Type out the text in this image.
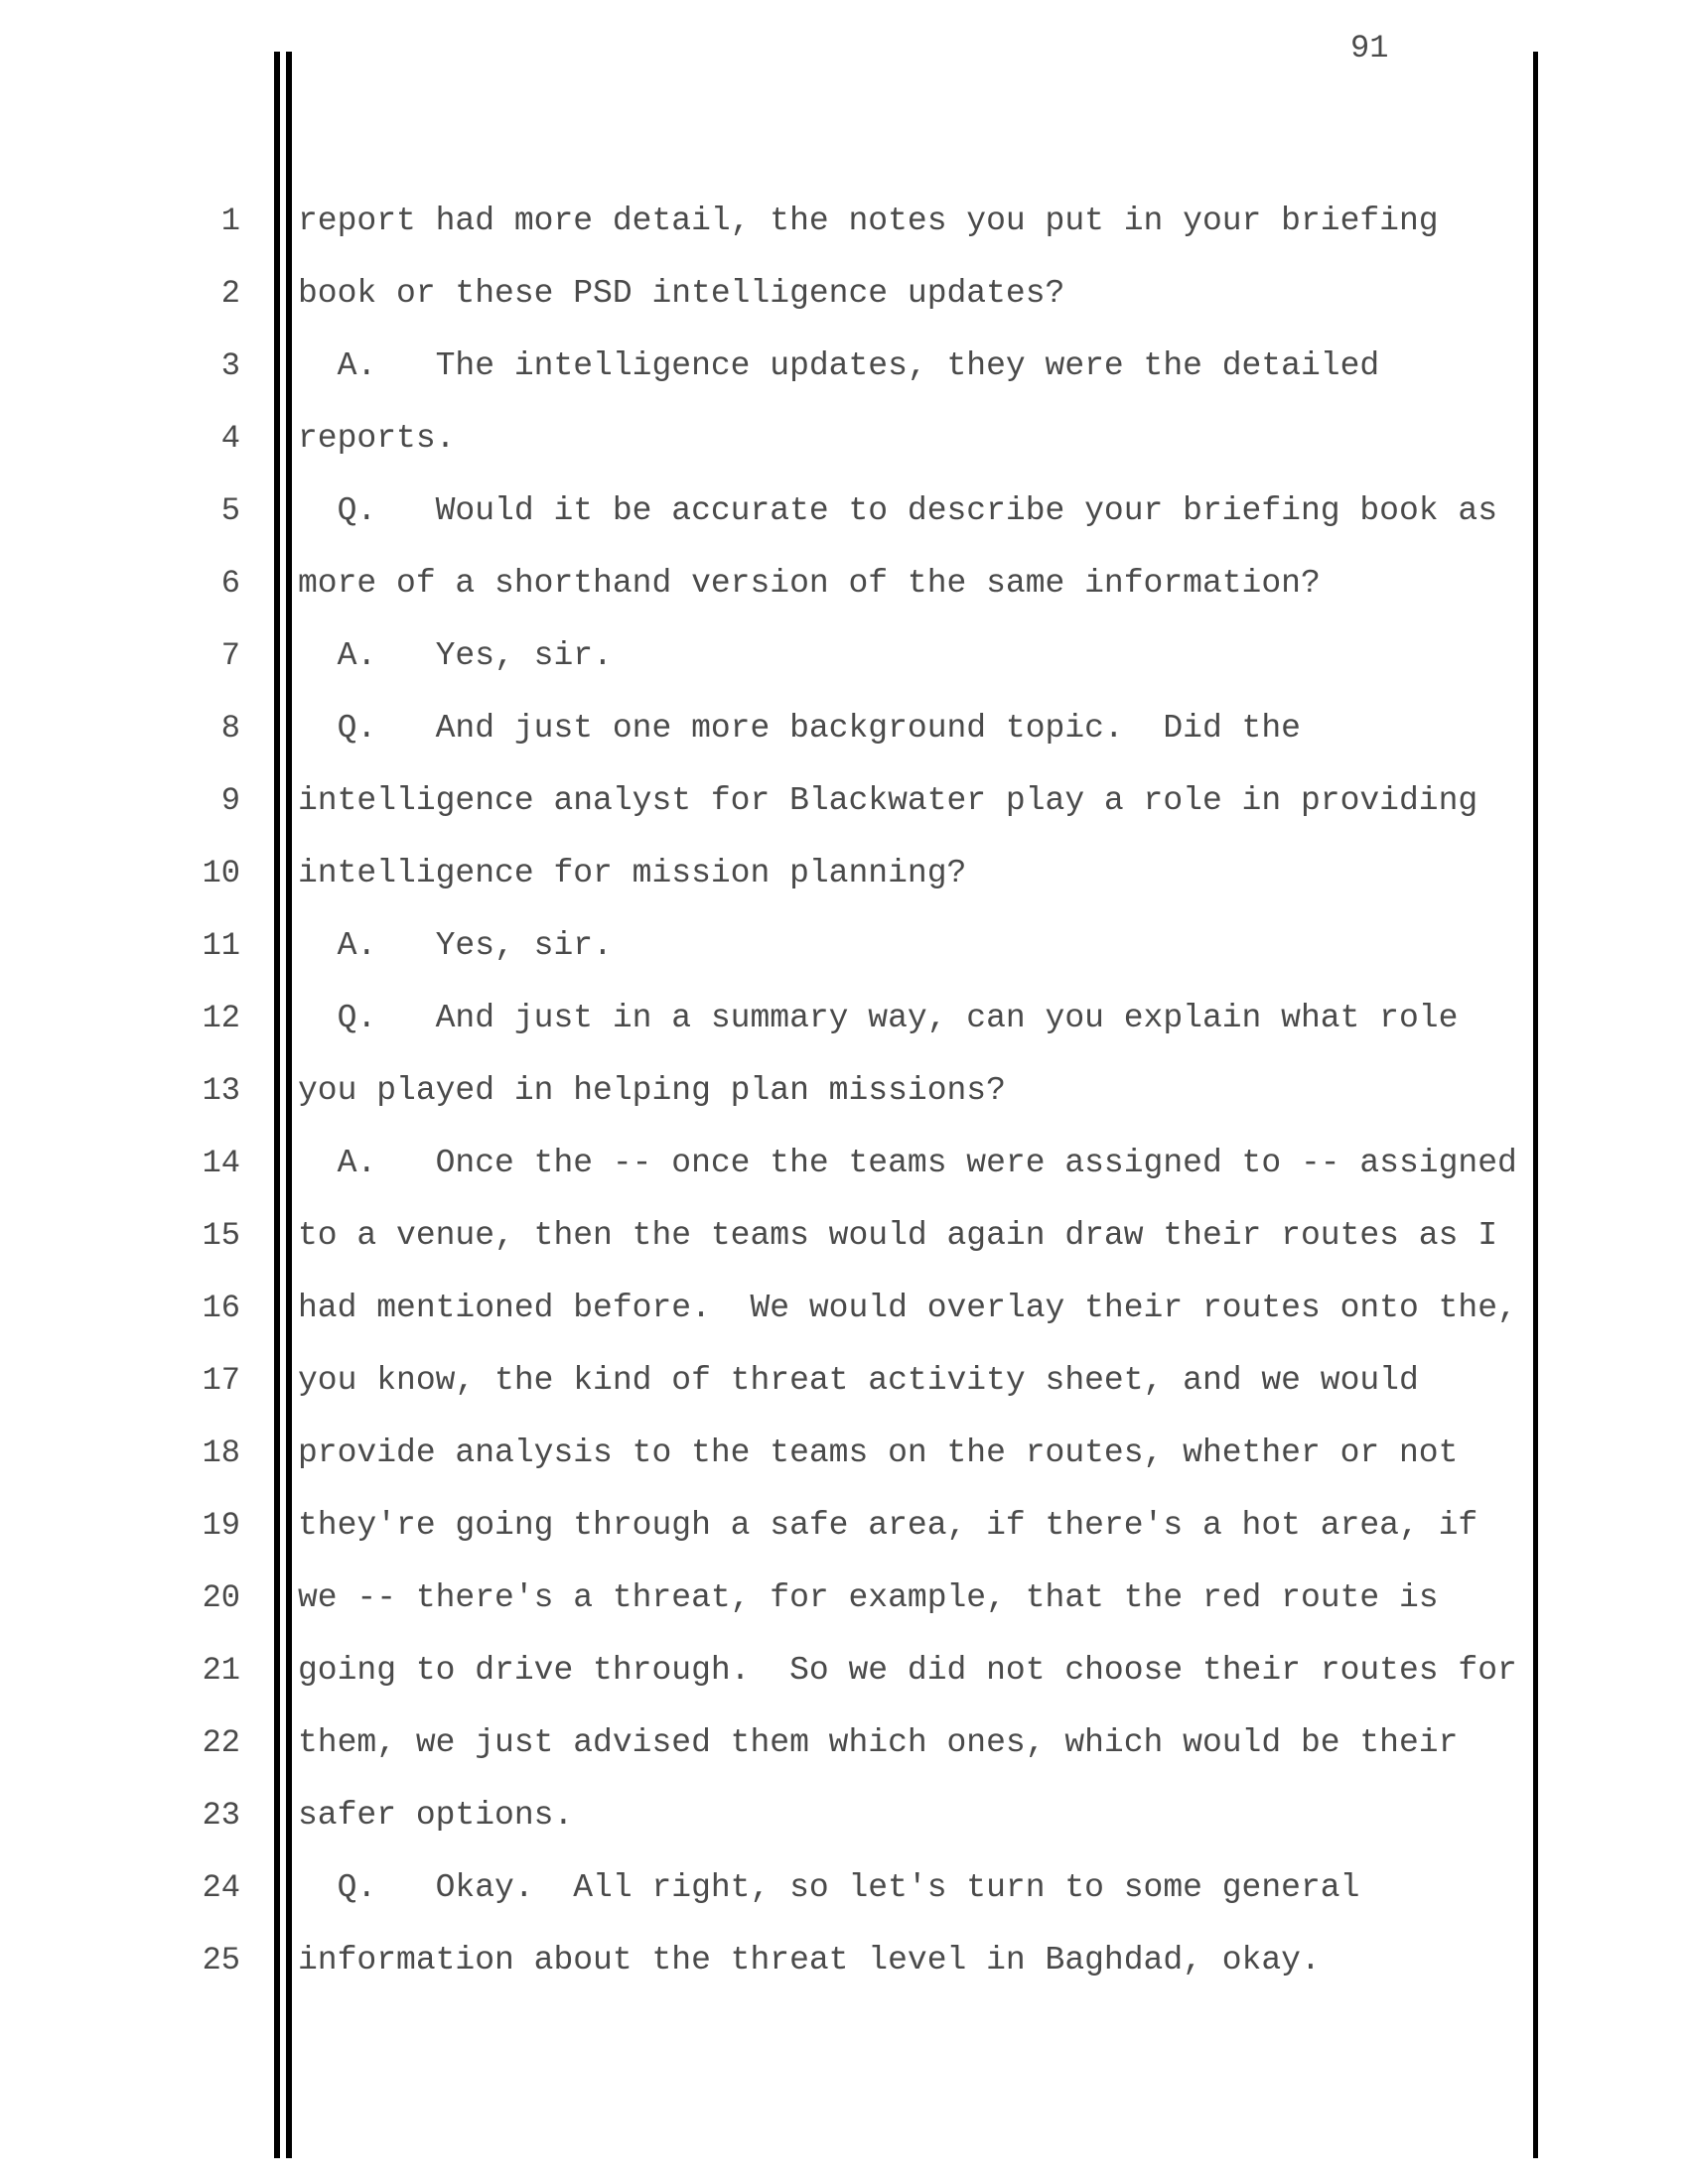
91
1 report had more detail, the notes you put in your briefing
2 book or these PSD intelligence updates?
3 A.   The intelligence updates, they were the detailed
4 reports.
5 Q.   Would it be accurate to describe your briefing book as
6 more of a shorthand version of the same information?
7 A.   Yes, sir.
8 Q.   And just one more background topic.  Did the
9 intelligence analyst for Blackwater play a role in providing
10 intelligence for mission planning?
11 A.   Yes, sir.
12 Q.   And just in a summary way, can you explain what role
13 you played in helping plan missions?
14 A.   Once the -- once the teams were assigned to -- assigned
15 to a venue, then the teams would again draw their routes as I
16 had mentioned before.  We would overlay their routes onto the,
17 you know, the kind of threat activity sheet, and we would
18 provide analysis to the teams on the routes, whether or not
19 they're going through a safe area, if there's a hot area, if
20 we -- there's a threat, for example, that the red route is
21 going to drive through.  So we did not choose their routes for
22 them, we just advised them which ones, which would be their
23 safer options.
24 Q.   Okay.  All right, so let's turn to some general
25 information about the threat level in Baghdad, okay.
